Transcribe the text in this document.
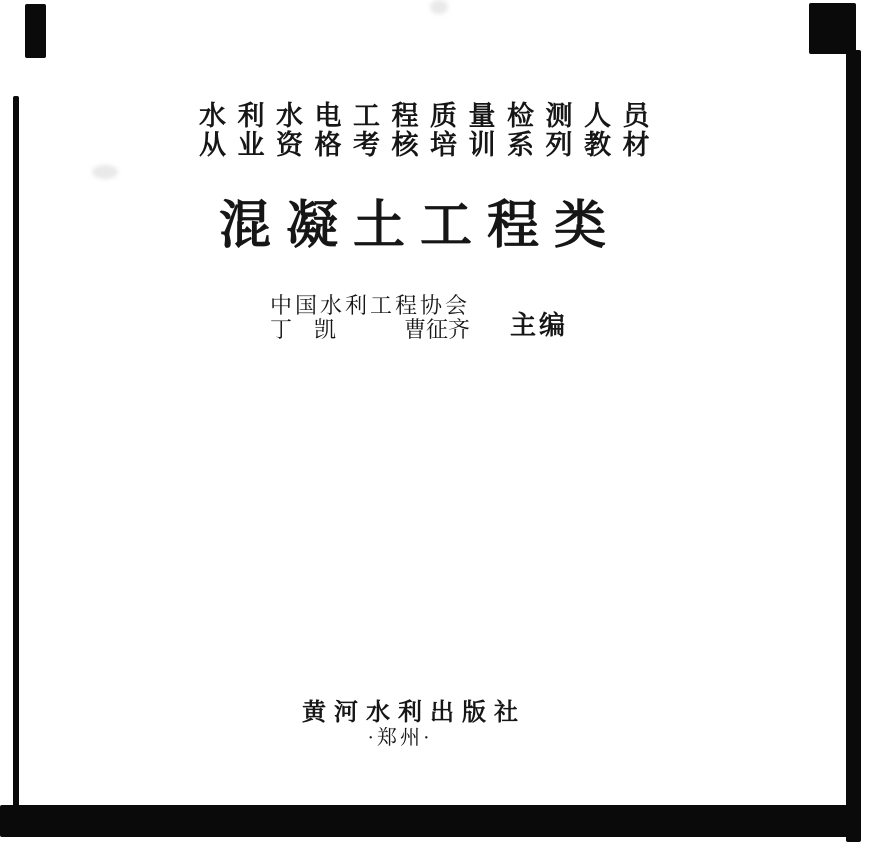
水利水电工程质量检测人员
从业资格考核培训系列教材
混凝土工程类
中国水利工程协会
丁 凯	曹征齐 主编
黄河水利出版社
·郑州·
